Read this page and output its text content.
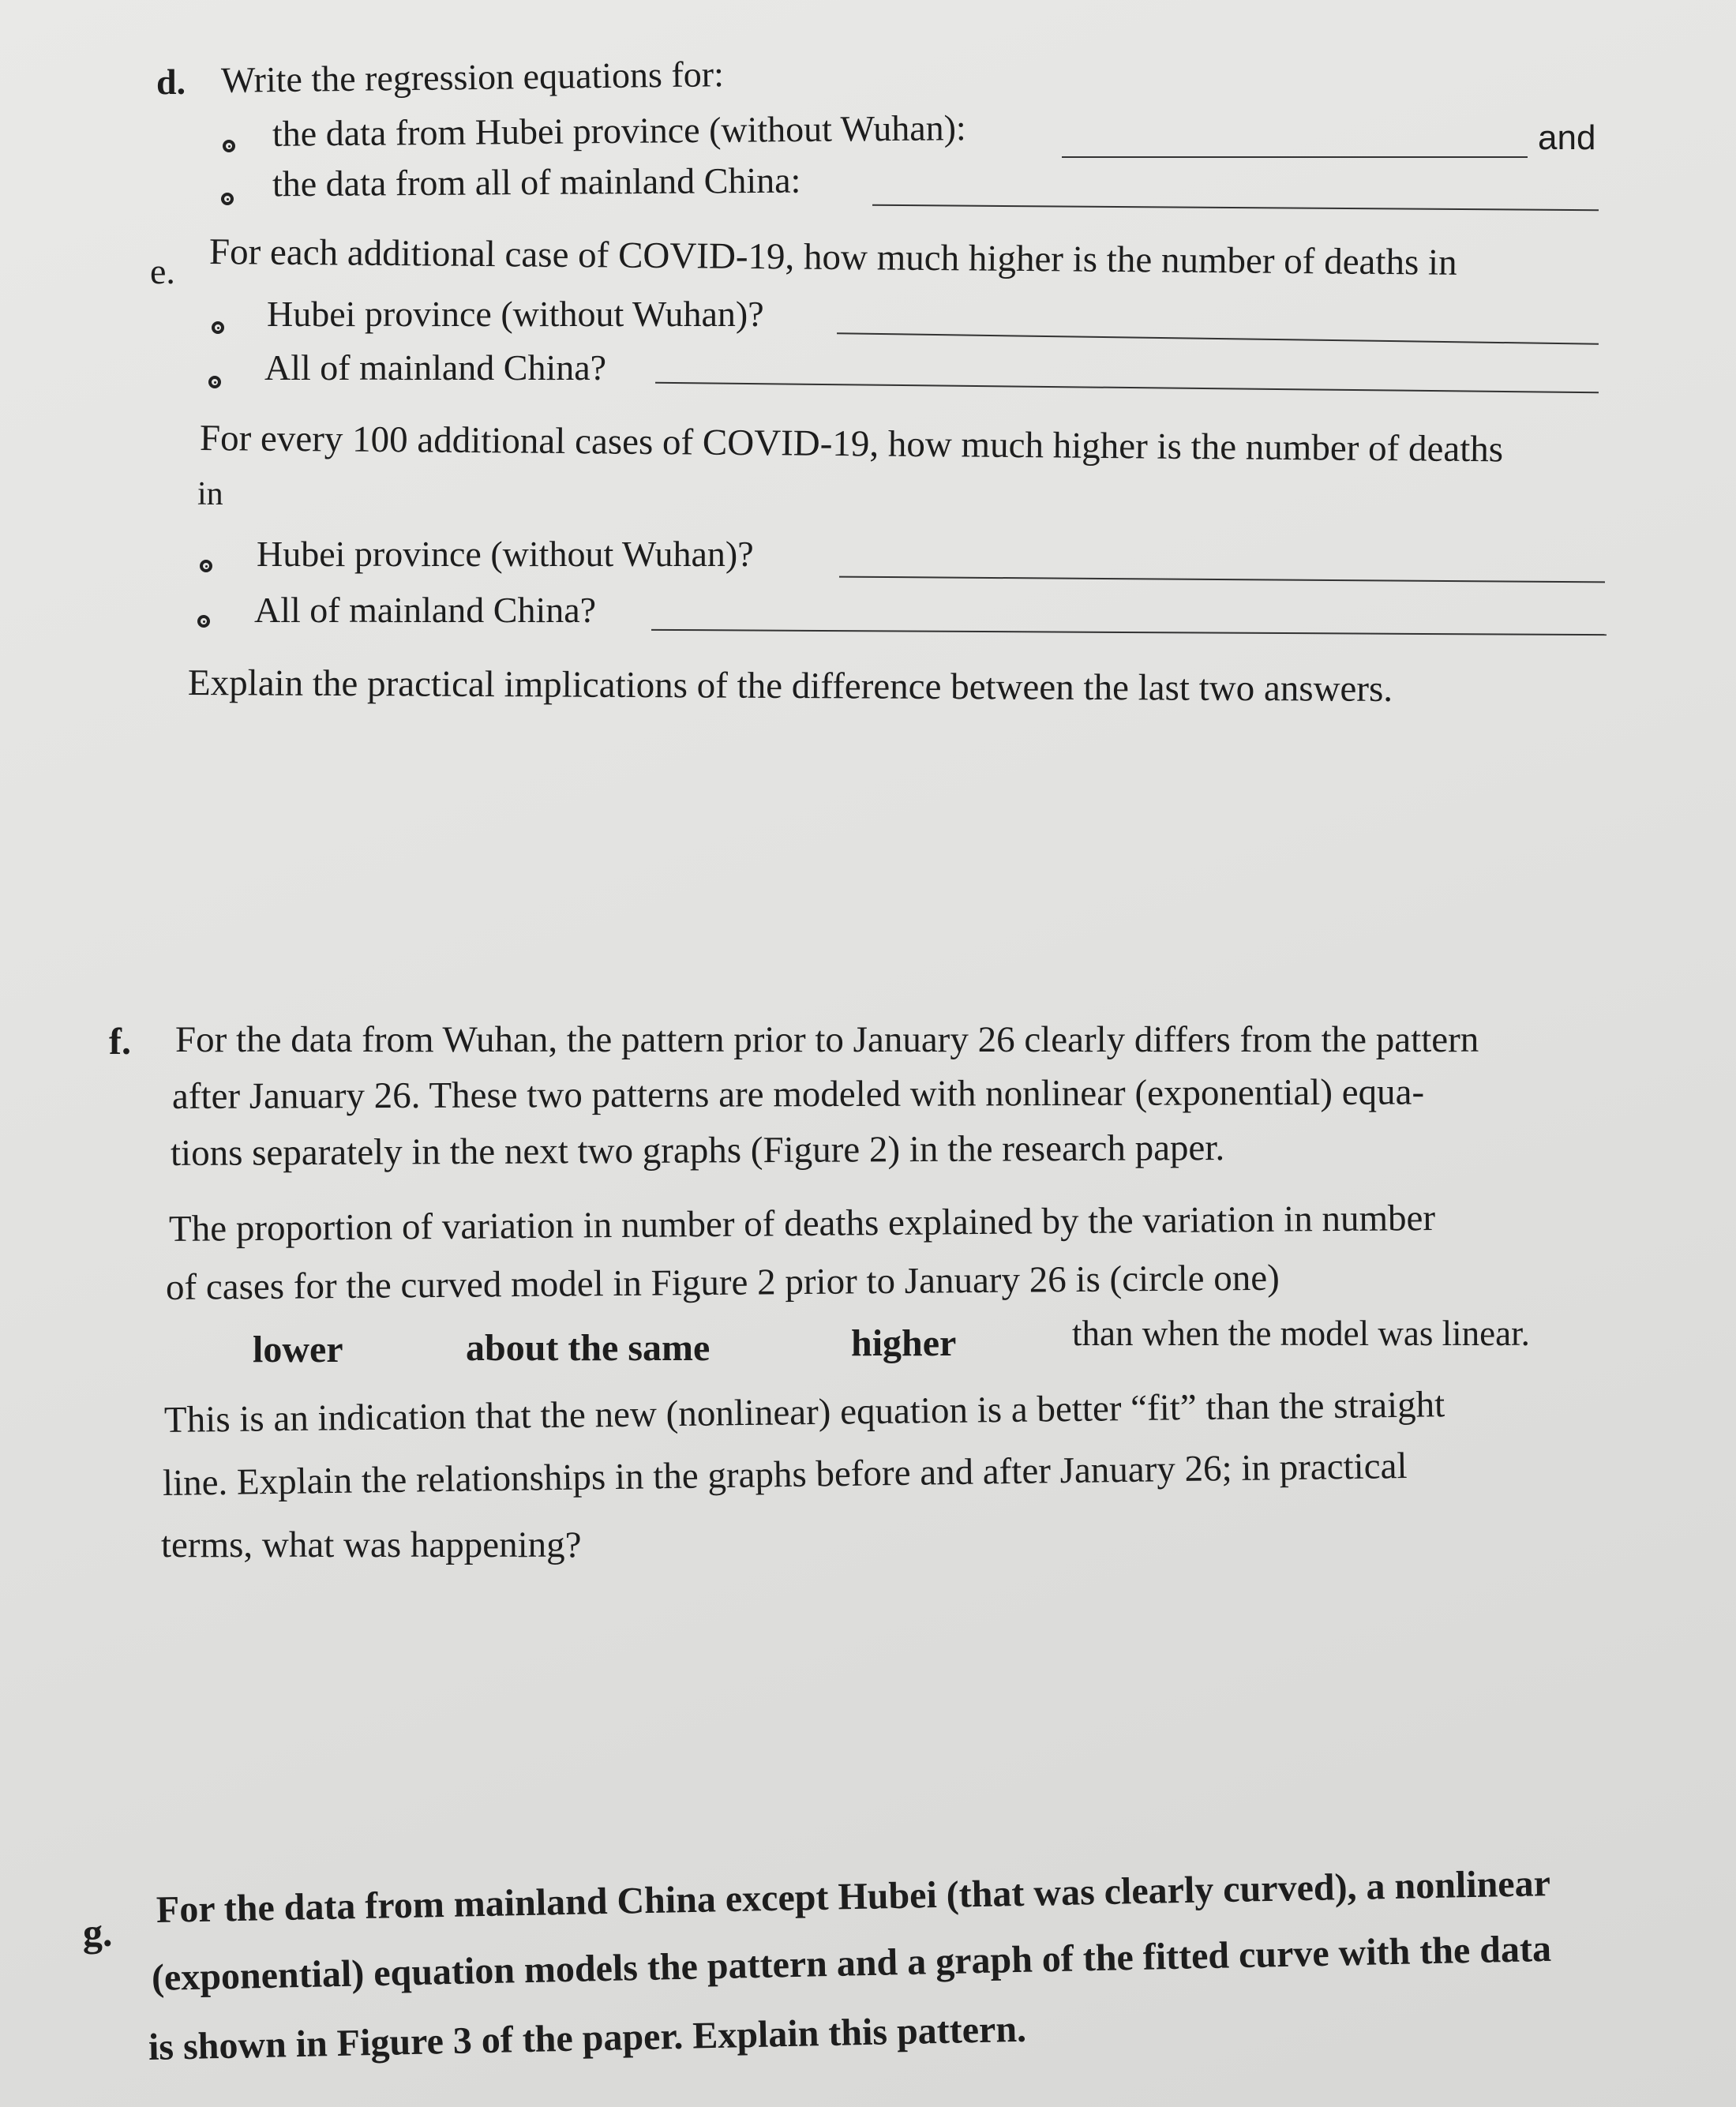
d. Write the regression equations for:
the data from Hubei province (without Wuhan):	and
the data from all of mainland China:
e. For each additional case of COVID-19, how much higher is the number of deaths in
Hubei province (without Wuhan)?
All of mainland China?
For every 100 additional cases of COVID-19, how much higher is the number of deaths
in
Hubei province (without Wuhan)?
All of mainland China?
Explain the practical implications of the difference between the last two answers.
f. For the data from Wuhan, the pattern prior to January 26 clearly differs from the pattern
after January 26. These two patterns are modeled with nonlinear (exponential) equa-
tions separately in the next two graphs (Figure 2) in the research paper.
The proportion of variation in number of deaths explained by the variation in number
of cases for the curved model in Figure 2 prior to January 26 is (circle one)
lower	about the same	higher	than when the model was linear.
This is an indication that the new (nonlinear) equation is a better “fit” than the straight
line. Explain the relationships in the graphs before and after January 26; in practical
terms, what was happening?
g.
For the data from mainland China except Hubei (that was clearly curved), a nonlinear
(exponential) equation models the pattern and a graph of the fitted curve with the data
is shown in Figure 3 of the paper. Explain this pattern.
